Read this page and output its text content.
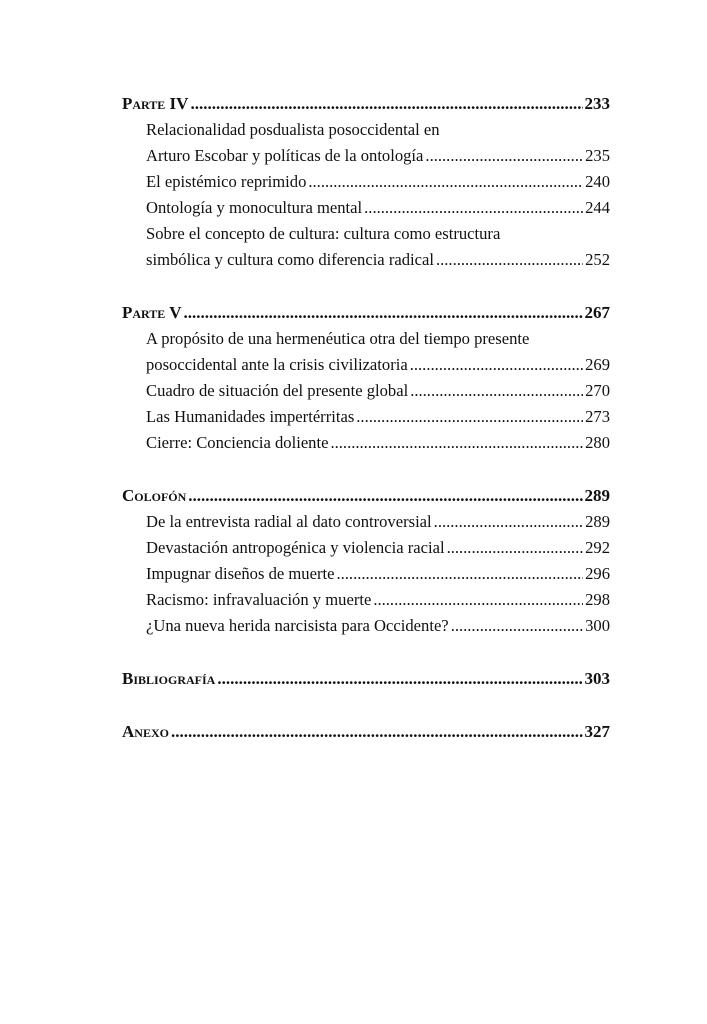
Parte IV .....	233
Relacionalidad posdualista posoccidental en
Arturo Escobar y políticas de la ontología .....	235
El epistémico reprimido .....	240
Ontología y monocultura mental .....	244
Sobre el concepto de cultura: cultura como estructura
simbólica y cultura como diferencia radical .....	252
Parte V .....	267
A propósito de una hermenéutica otra del tiempo presente
posoccidental ante la crisis civilizatoria .....	269
Cuadro de situación del presente global .....	270
Las Humanidades impertérritas .....	273
Cierre: Conciencia doliente .....	280
Colofón .....	289
De la entrevista radial al dato controversial .....	289
Devastación antropogénica y violencia racial .....	292
Impugnar diseños de muerte .....	296
Racismo: infravaluación y muerte .....	298
¿Una nueva herida narcisista para Occidente? .....	300
Bibliografía .....	303
Anexo .....	327
